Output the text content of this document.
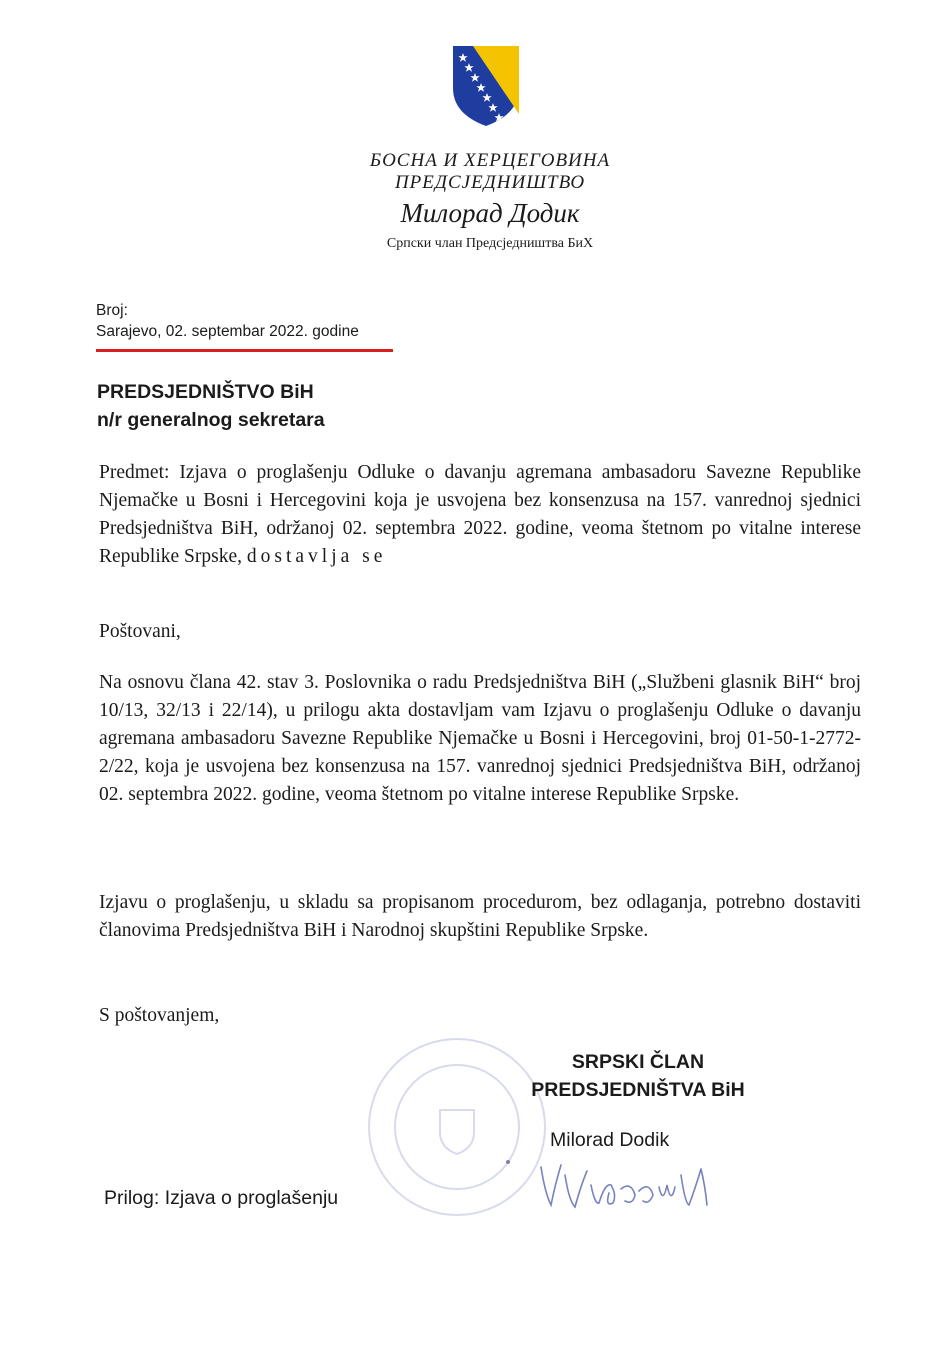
БОСНА И ХЕРЦЕГОВИНА
ПРЕДСЈЕДНИШТВО
Милорад Додик
Српски члан Предсједништва БиХ
Broj:
Sarajevo, 02. septembar 2022. godine
PREDSJEDNIŠTVO BiH
n/r generalnog sekretara
Predmet: Izjava o proglašenju Odluke o davanju agremana ambasadoru Savezne Republike Njemačke u Bosni i Hercegovini koja je usvojena bez konsenzusa na 157. vanrednoj sjednici Predsjedništva BiH, održanoj 02. septembra 2022. godine, veoma štetnom po vitalne interese Republike Srpske, dostavlja se
Poštovani,
Na osnovu člana 42. stav 3. Poslovnika o radu Predsjedništva BiH („Službeni glasnik BiH“ broj 10/13, 32/13 i 22/14), u prilogu akta dostavljam vam Izjavu o proglašenju Odluke o davanju agremana ambasadoru Savezne Republike Njemačke u Bosni i Hercegovini, broj 01-50-1-2772-2/22, koja je usvojena bez konsenzusa na 157. vanrednoj sjednici Predsjedništva BiH, održanoj 02. septembra 2022. godine, veoma štetnom po vitalne interese Republike Srpske.
Izjavu o proglašenju, u skladu sa propisanom procedurom, bez odlaganja, potrebno dostaviti članovima Predsjedništva BiH i Narodnoj skupštini Republike Srpske.
S poštovanjem,
SRPSKI ČLAN
PREDSJEDNIŠTVA BiH
Milorad Dodik
Prilog: Izjava o proglašenju
